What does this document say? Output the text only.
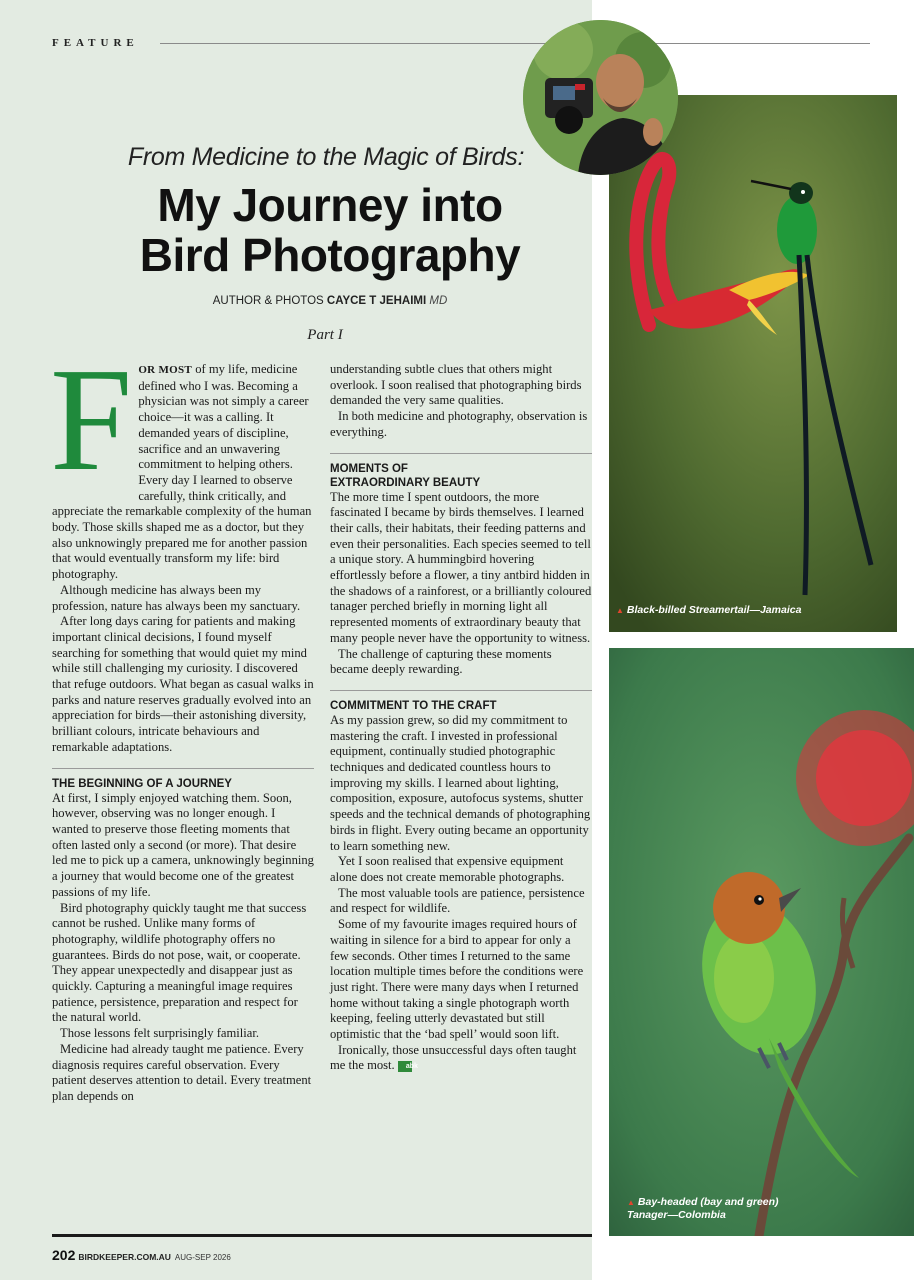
FEATURE
From Medicine to the Magic of Birds:
My Journey into
Bird Photography
AUTHOR & PHOTOS CAYCE T JEHAIMI MD
Part I

FOR MOST of my life, medicine defined who I was. Becoming a physician was not simply a career choice—it was a calling. It demanded years of discipline, sacrifice and an unwavering commitment to helping others. Every day I learned to observe carefully, think critically, and appreciate the remarkable complexity of the human body. Those skills shaped me as a doctor, but they also unknowingly prepared me for another passion that would eventually transform my life: bird photography.

Although medicine has always been my profession, nature has always been my sanctuary.

After long days caring for patients and making important clinical decisions, I found myself searching for something that would quiet my mind while still challenging my curiosity. I discovered that refuge outdoors. What began as casual walks in parks and nature reserves gradually evolved into an appreciation for birds—their astonishing diversity, brilliant colours, intricate behaviours and remarkable adaptations.

THE BEGINNING OF A JOURNEY

At first, I simply enjoyed watching them. Soon, however, observing was no longer enough. I wanted to preserve those fleeting moments that often lasted only a second (or more). That desire led me to pick up a camera, unknowingly beginning a journey that would become one of the greatest passions of my life.

Bird photography quickly taught me that success cannot be rushed. Unlike many forms of photography, wildlife photography offers no guarantees. Birds do not pose, wait, or cooperate. They appear unexpectedly and disappear just as quickly. Capturing a meaningful image requires patience, persistence, preparation and respect for the natural world.

Those lessons felt surprisingly familiar.

Medicine had already taught me patience. Every diagnosis requires careful observation. Every patient deserves attention to detail. Every treatment plan depends on

understanding subtle clues that others might overlook. I soon realised that photographing birds demanded the very same qualities.

In both medicine and photography, observation is everything.

MOMENTS OF
EXTRAORDINARY BEAUTY

The more time I spent outdoors, the more fascinated I became by birds themselves. I learned their calls, their habitats, their feeding patterns and even their personalities. Each species seemed to tell a unique story. A hummingbird hovering effortlessly before a flower, a tiny antbird hidden in the shadows of a rainforest, or a brilliantly coloured tanager perched briefly in morning light all represented moments of extraordinary beauty that many people never have the opportunity to witness.

The challenge of capturing these moments became deeply rewarding.

COMMITMENT TO THE CRAFT

As my passion grew, so did my commitment to mastering the craft. I invested in professional equipment, continually studied photographic techniques and dedicated countless hours to improving my skills. I learned about lighting, composition, exposure, autofocus systems, shutter speeds and the technical demands of photographing birds in flight. Every outing became an opportunity to learn something new.

Yet I soon realised that expensive equipment alone does not create memorable photographs.

The most valuable tools are patience, persistence and respect for wildlife.

Some of my favourite images required hours of waiting in silence for a bird to appear for only a few seconds. Other times I returned to the same location multiple times before the conditions were just right. There were many days when I returned home without taking a single photograph worth keeping, feeling utterly devastated but still optimistic that the ‘bad spell’ would soon lift.

Ironically, those unsuccessful days often taught me the most. abk

202 BIRDKEEPER.COM.AU AUG-SEP 2026
▲ Black-billed Streamertail—Jamaica
▲ Bay-headed (bay and green)
Tanager—Colombia
